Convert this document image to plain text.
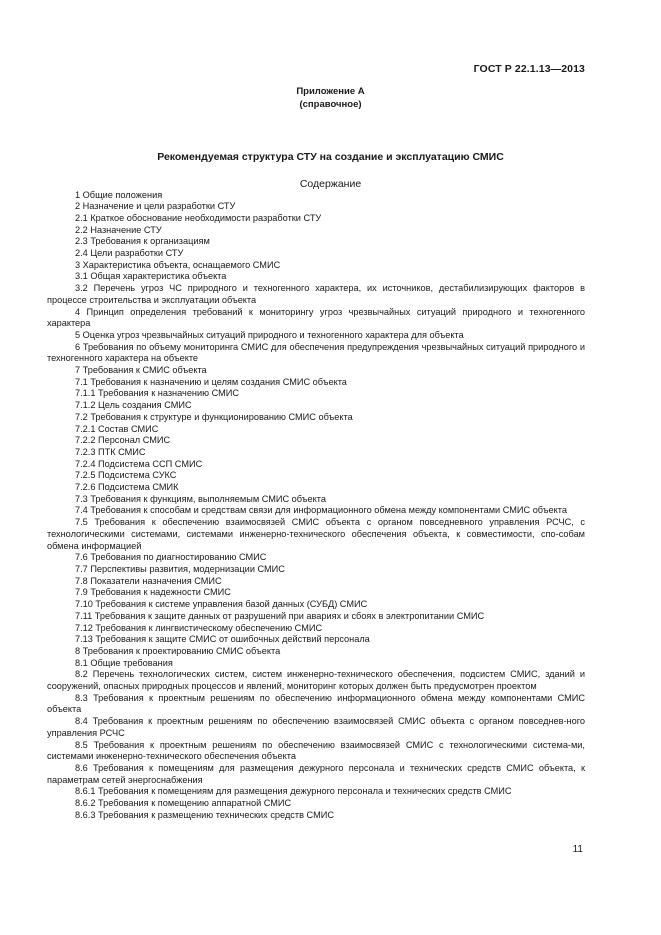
ГОСТ Р 22.1.13—2013
Приложение А
(справочное)
Рекомендуемая структура СТУ на создание и эксплуатацию СМИС
Содержание

1 Общие положения

2 Назначение и цели разработки СТУ

2.1 Краткое обоснование необходимости разработки СТУ

2.2 Назначение СТУ

2.3 Требования к организациям

2.4 Цели разработки СТУ

3 Характеристика объекта, оснащаемого СМИС

3.1 Общая характеристика объекта

3.2 Перечень угроз ЧС природного и техногенного характера, их источников, дестабилизирующих факторов в процессе строительства и эксплуатации объекта

4 Принцип определения требований к мониторингу угроз чрезвычайных ситуаций природного и техногенного характера

5 Оценка угроз чрезвычайных ситуаций природного и техногенного характера для объекта

6 Требования по объему мониторинга СМИС для обеспечения предупреждения чрезвычайных ситуаций природного и техногенного характера на объекте

7 Требования к СМИС объекта

7.1 Требования к назначению и целям создания СМИС объекта

7.1.1 Требования к назначению СМИС

7.1.2 Цель создания СМИС

7.2 Требования к структуре и функционированию СМИС объекта

7.2.1 Состав СМИС

7.2.2 Персонал СМИС

7.2.3 ПТК СМИС

7.2.4 Подсистема ССП СМИС

7.2.5 Подсистема СУКС

7.2.6 Подсистема СМИК

7.3 Требования к функциям, выполняемым СМИС объекта

7.4 Требования к способам и средствам связи для информационного обмена между компонентами СМИС объекта

7.5 Требования к обеспечению взаимосвязей СМИС объекта с органом повседневного управления РСЧС, с технологическими системами, системами инженерно-технического обеспечения объекта, к совместимости, спо-собам обмена информацией

7.6 Требования по диагностированию СМИС

7.7 Перспективы развития, модернизации СМИС

7.8 Показатели назначения СМИС

7.9 Требования к надежности СМИС

7.10 Требования к системе управления базой данных (СУБД) СМИС

7.11 Требования к защите данных от разрушений при авариях и сбоях в электропитании СМИС

7.12 Требования к лингвистическому обеспечению СМИС

7.13 Требования к защите СМИС от ошибочных действий персонала

8 Требования к проектированию СМИС объекта

8.1 Общие требования

8.2 Перечень технологических систем, систем инженерно-технического обеспечения, подсистем СМИС, зданий и сооружений, опасных природных процессов и явлений, мониторинг которых должен быть предусмотрен проектом

8.3 Требования к проектным решениям по обеспечению информационного обмена между компонентами СМИС объекта

8.4 Требования к проектным решениям по обеспечению взаимосвязей СМИС объекта с органом повседнев-ного управления РСЧС

8.5 Требования к проектным решениям по обеспечению взаимосвязей СМИС с технологическими система-ми, системами инженерно-технического обеспечения объекта

8.6 Требования к помещениям для размещения дежурного персонала и технических средств СМИС объекта, к параметрам сетей энергоснабжения

8.6.1 Требования к помещениям для размещения дежурного персонала и технических средств СМИС

8.6.2 Требования к помещению аппаратной СМИС

8.6.3 Требования к размещению технических средств СМИС

11
